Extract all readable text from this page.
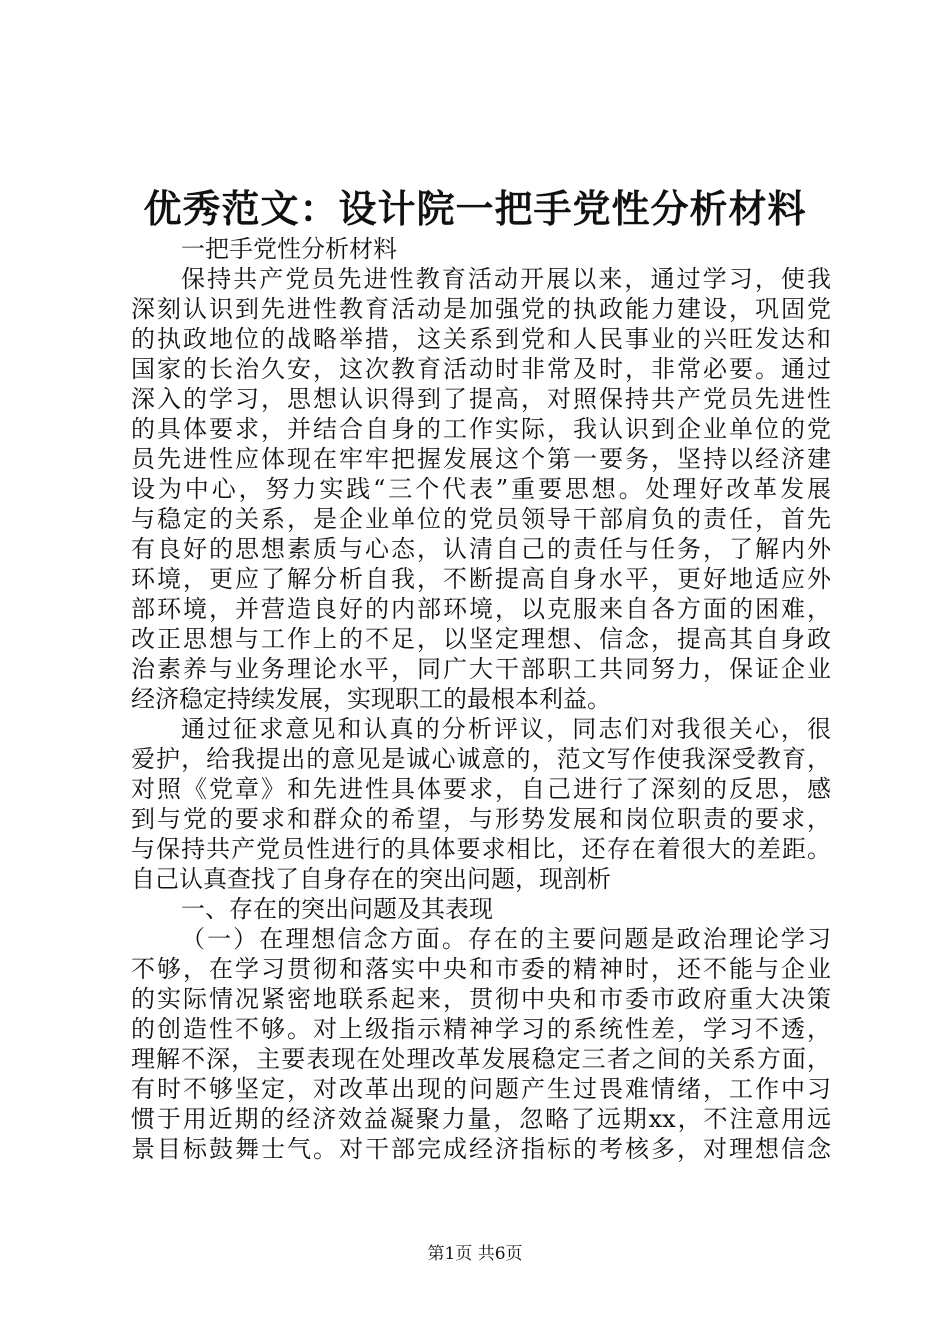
优秀范文：设计院一把手党性分析材料
一把手党性分析材料
保持共产党员先进性教育活动开展以来，通过学习，使我
深刻认识到先进性教育活动是加强党的执政能力建设，巩固党
的执政地位的战略举措，这关系到党和人民事业的兴旺发达和
国家的长治久安，这次教育活动时非常及时，非常必要。通过
深入的学习，思想认识得到了提高，对照保持共产党员先进性
的具体要求，并结合自身的工作实际，我认识到企业单位的党
员先进性应体现在牢牢把握发展这个第一要务，坚持以经济建
设为中心，努力实践“三个代表”重要思想。处理好改革发展
与稳定的关系，是企业单位的党员领导干部肩负的责任，首先
有良好的思想素质与心态，认清自己的责任与任务，了解内外
环境，更应了解分析自我，不断提高自身水平，更好地适应外
部环境，并营造良好的内部环境，以克服来自各方面的困难，
改正思想与工作上的不足，以坚定理想、信念，提高其自身政
治素养与业务理论水平，同广大干部职工共同努力，保证企业
经济稳定持续发展，实现职工的最根本利益。
通过征求意见和认真的分析评议，同志们对我很关心，很
爱护，给我提出的意见是诚心诚意的，范文写作使我深受教育，
对照《党章》和先进性具体要求，自己进行了深刻的反思，感
到与党的要求和群众的希望，与形势发展和岗位职责的要求，
与保持共产党员性进行的具体要求相比，还存在着很大的差距。
自己认真查找了自身存在的突出问题，现剖析
一、存在的突出问题及其表现
（一）在理想信念方面。存在的主要问题是政治理论学习
不够，在学习贯彻和落实中央和市委的精神时，还不能与企业
的实际情况紧密地联系起来，贯彻中央和市委市政府重大决策
的创造性不够。对上级指示精神学习的系统性差，学习不透，
理解不深，主要表现在处理改革发展稳定三者之间的关系方面，
有时不够坚定，对改革出现的问题产生过畏难情绪，工作中习
惯于用近期的经济效益凝聚力量，忽略了远期xx，不注意用远
景目标鼓舞士气。对干部完成经济指标的考核多，对理想信念
第1页 共6页
